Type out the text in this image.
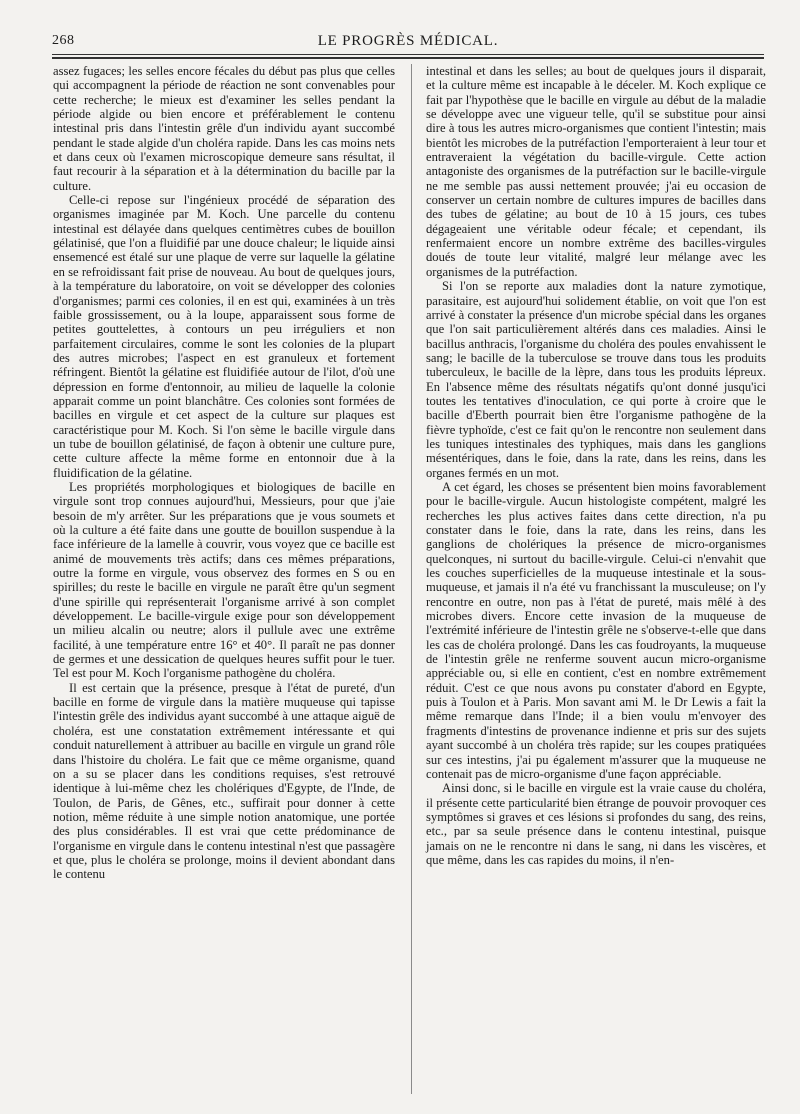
268	LE PROGRÈS MÉDICAL.

assez fugaces; les selles encore fécales du début pas plus que celles qui accompagnent la période de réaction ne sont convenables pour cette recherche; le mieux est d'examiner les selles pendant la période algide ou bien encore et préférablement le contenu intestinal pris dans l'intestin grêle d'un individu ayant succombé pendant le stade algide d'un choléra rapide. Dans les cas moins nets et dans ceux où l'examen microscopique demeure sans résultat, il faut recourir à la séparation et à la détermination du bacille par la culture.

Celle-ci repose sur l'ingénieux procédé de séparation des organismes imaginée par M. Koch. Une parcelle du contenu intestinal est délayée dans quelques centimètres cubes de bouillon gélatinisé, que l'on a fluidifié par une douce chaleur; le liquide ainsi ensemencé est étalé sur une plaque de verre sur laquelle la gélatine en se refroidissant fait prise de nouveau. Au bout de quelques jours, à la température du laboratoire, on voit se développer des colonies d'organismes; parmi ces colonies, il en est qui, examinées à un très faible grossissement, ou à la loupe, apparaissent sous forme de petites gouttelettes, à contours un peu irréguliers et non parfaitement circulaires, comme le sont les colonies de la plupart des autres microbes; l'aspect en est granuleux et fortement réfringent. Bientôt la gélatine est fluidifiée autour de l'ilot, d'où une dépression en forme d'entonnoir, au milieu de laquelle la colonie apparait comme un point blanchâtre. Ces colonies sont formées de bacilles en virgule et cet aspect de la culture sur plaques est caractéristique pour M. Koch. Si l'on sème le bacille virgule dans un tube de bouillon gélatinisé, de façon à obtenir une culture pure, cette culture affecte la même forme en entonnoir due à la fluidification de la gélatine.

Les propriétés morphologiques et biologiques de bacille en virgule sont trop connues aujourd'hui, Messieurs, pour que j'aie besoin de m'y arrêter. Sur les préparations que je vous soumets et où la culture a été faite dans une goutte de bouillon suspendue à la face inférieure de la lamelle à couvrir, vous voyez que ce bacille est animé de mouvements très actifs; dans ces mêmes préparations, outre la forme en virgule, vous observez des formes en S ou en spirilles; du reste le bacille en virgule ne paraît être qu'un segment d'une spirille qui représenterait l'organisme arrivé à son complet développement. Le bacille-virgule exige pour son développement un milieu alcalin ou neutre; alors il pullule avec une extrême facilité, à une température entre 16° et 40°. Il paraît ne pas donner de germes et une dessication de quelques heures suffit pour le tuer. Tel est pour M. Koch l'organisme pathogène du choléra.

Il est certain que la présence, presque à l'état de pureté, d'un bacille en forme de virgule dans la matière muqueuse qui tapisse l'intestin grêle des individus ayant succombé à une attaque aiguë de choléra, est une constatation extrêmement intéressante et qui conduit naturellement à attribuer au bacille en virgule un grand rôle dans l'histoire du choléra. Le fait que ce même organisme, quand on a su se placer dans les conditions requises, s'est retrouvé identique à lui-même chez les cholériques d'Egypte, de l'Inde, de Toulon, de Paris, de Gênes, etc., suffirait pour donner à cette notion, même réduite à une simple notion anatomique, une portée des plus considérables. Il est vrai que cette prédominance de l'organisme en virgule dans le contenu intestinal n'est que passagère et que, plus le choléra se prolonge, moins il devient abondant dans le contenu

intestinal et dans les selles; au bout de quelques jours il disparait, et la culture même est incapable à le déceler. M. Koch explique ce fait par l'hypothèse que le bacille en virgule au début de la maladie se développe avec une vigueur telle, qu'il se substitue pour ainsi dire à tous les autres micro-organismes que contient l'intestin; mais bientôt les microbes de la putréfaction l'emporteraient à leur tour et entraveraient la végétation du bacille-virgule. Cette action antagoniste des organismes de la putréfaction sur le bacille-virgule ne me semble pas aussi nettement prouvée; j'ai eu occasion de conserver un certain nombre de cultures impures de bacilles dans des tubes de gélatine; au bout de 10 à 15 jours, ces tubes dégageaient une véritable odeur fécale; et cependant, ils renfermaient encore un nombre extrême des bacilles-virgules doués de toute leur vitalité, malgré leur mélange avec les organismes de la putréfaction.

Si l'on se reporte aux maladies dont la nature zymotique, parasitaire, est aujourd'hui solidement établie, on voit que l'on est arrivé à constater la présence d'un microbe spécial dans les organes que l'on sait particulièrement altérés dans ces maladies. Ainsi le bacillus anthracis, l'organisme du choléra des poules envahissent le sang; le bacille de la tuberculose se trouve dans tous les produits tuberculeux, le bacille de la lèpre, dans tous les produits lépreux. En l'absence même des résultats négatifs qu'ont donné jusqu'ici toutes les tentatives d'inoculation, ce qui porte à croire que le bacille d'Eberth pourrait bien être l'organisme pathogène de la fièvre typhoïde, c'est ce fait qu'on le rencontre non seulement dans les tuniques intestinales des typhiques, mais dans les ganglions mésentériques, dans le foie, dans la rate, dans les reins, dans les organes fermés en un mot.

A cet égard, les choses se présentent bien moins favorablement pour le bacille-virgule. Aucun histologiste compétent, malgré les recherches les plus actives faites dans cette direction, n'a pu constater dans le foie, dans la rate, dans les reins, dans les ganglions de cholériques la présence de micro-organismes quelconques, ni surtout du bacille-virgule. Celui-ci n'envahit que les couches superficielles de la muqueuse intestinale et la sous-muqueuse, et jamais il n'a été vu franchissant la musculeuse; on l'y rencontre en outre, non pas à l'état de pureté, mais mêlé à des microbes divers. Encore cette invasion de la muqueuse de l'extrémité inférieure de l'intestin grêle ne s'observe-t-elle que dans les cas de choléra prolongé. Dans les cas foudroyants, la muqueuse de l'intestin grêle ne renferme souvent aucun micro-organisme appréciable ou, si elle en contient, c'est en nombre extrêmement réduit. C'est ce que nous avons pu constater d'abord en Egypte, puis à Toulon et à Paris. Mon savant ami M. le Dr Lewis a fait la même remarque dans l'Inde; il a bien voulu m'envoyer des fragments d'intestins de provenance indienne et pris sur des sujets ayant succombé à un choléra très rapide; sur les coupes pratiquées sur ces intestins, j'ai pu également m'assurer que la muqueuse ne contenait pas de micro-organisme d'une façon appréciable.

Ainsi donc, si le bacille en virgule est la vraie cause du choléra, il présente cette particularité bien étrange de pouvoir provoquer ces symptômes si graves et ces lésions si profondes du sang, des reins, etc., par sa seule présence dans le contenu intestinal, puisque jamais on ne le rencontre ni dans le sang, ni dans les viscères, et que même, dans les cas rapides du moins, il n'en-
